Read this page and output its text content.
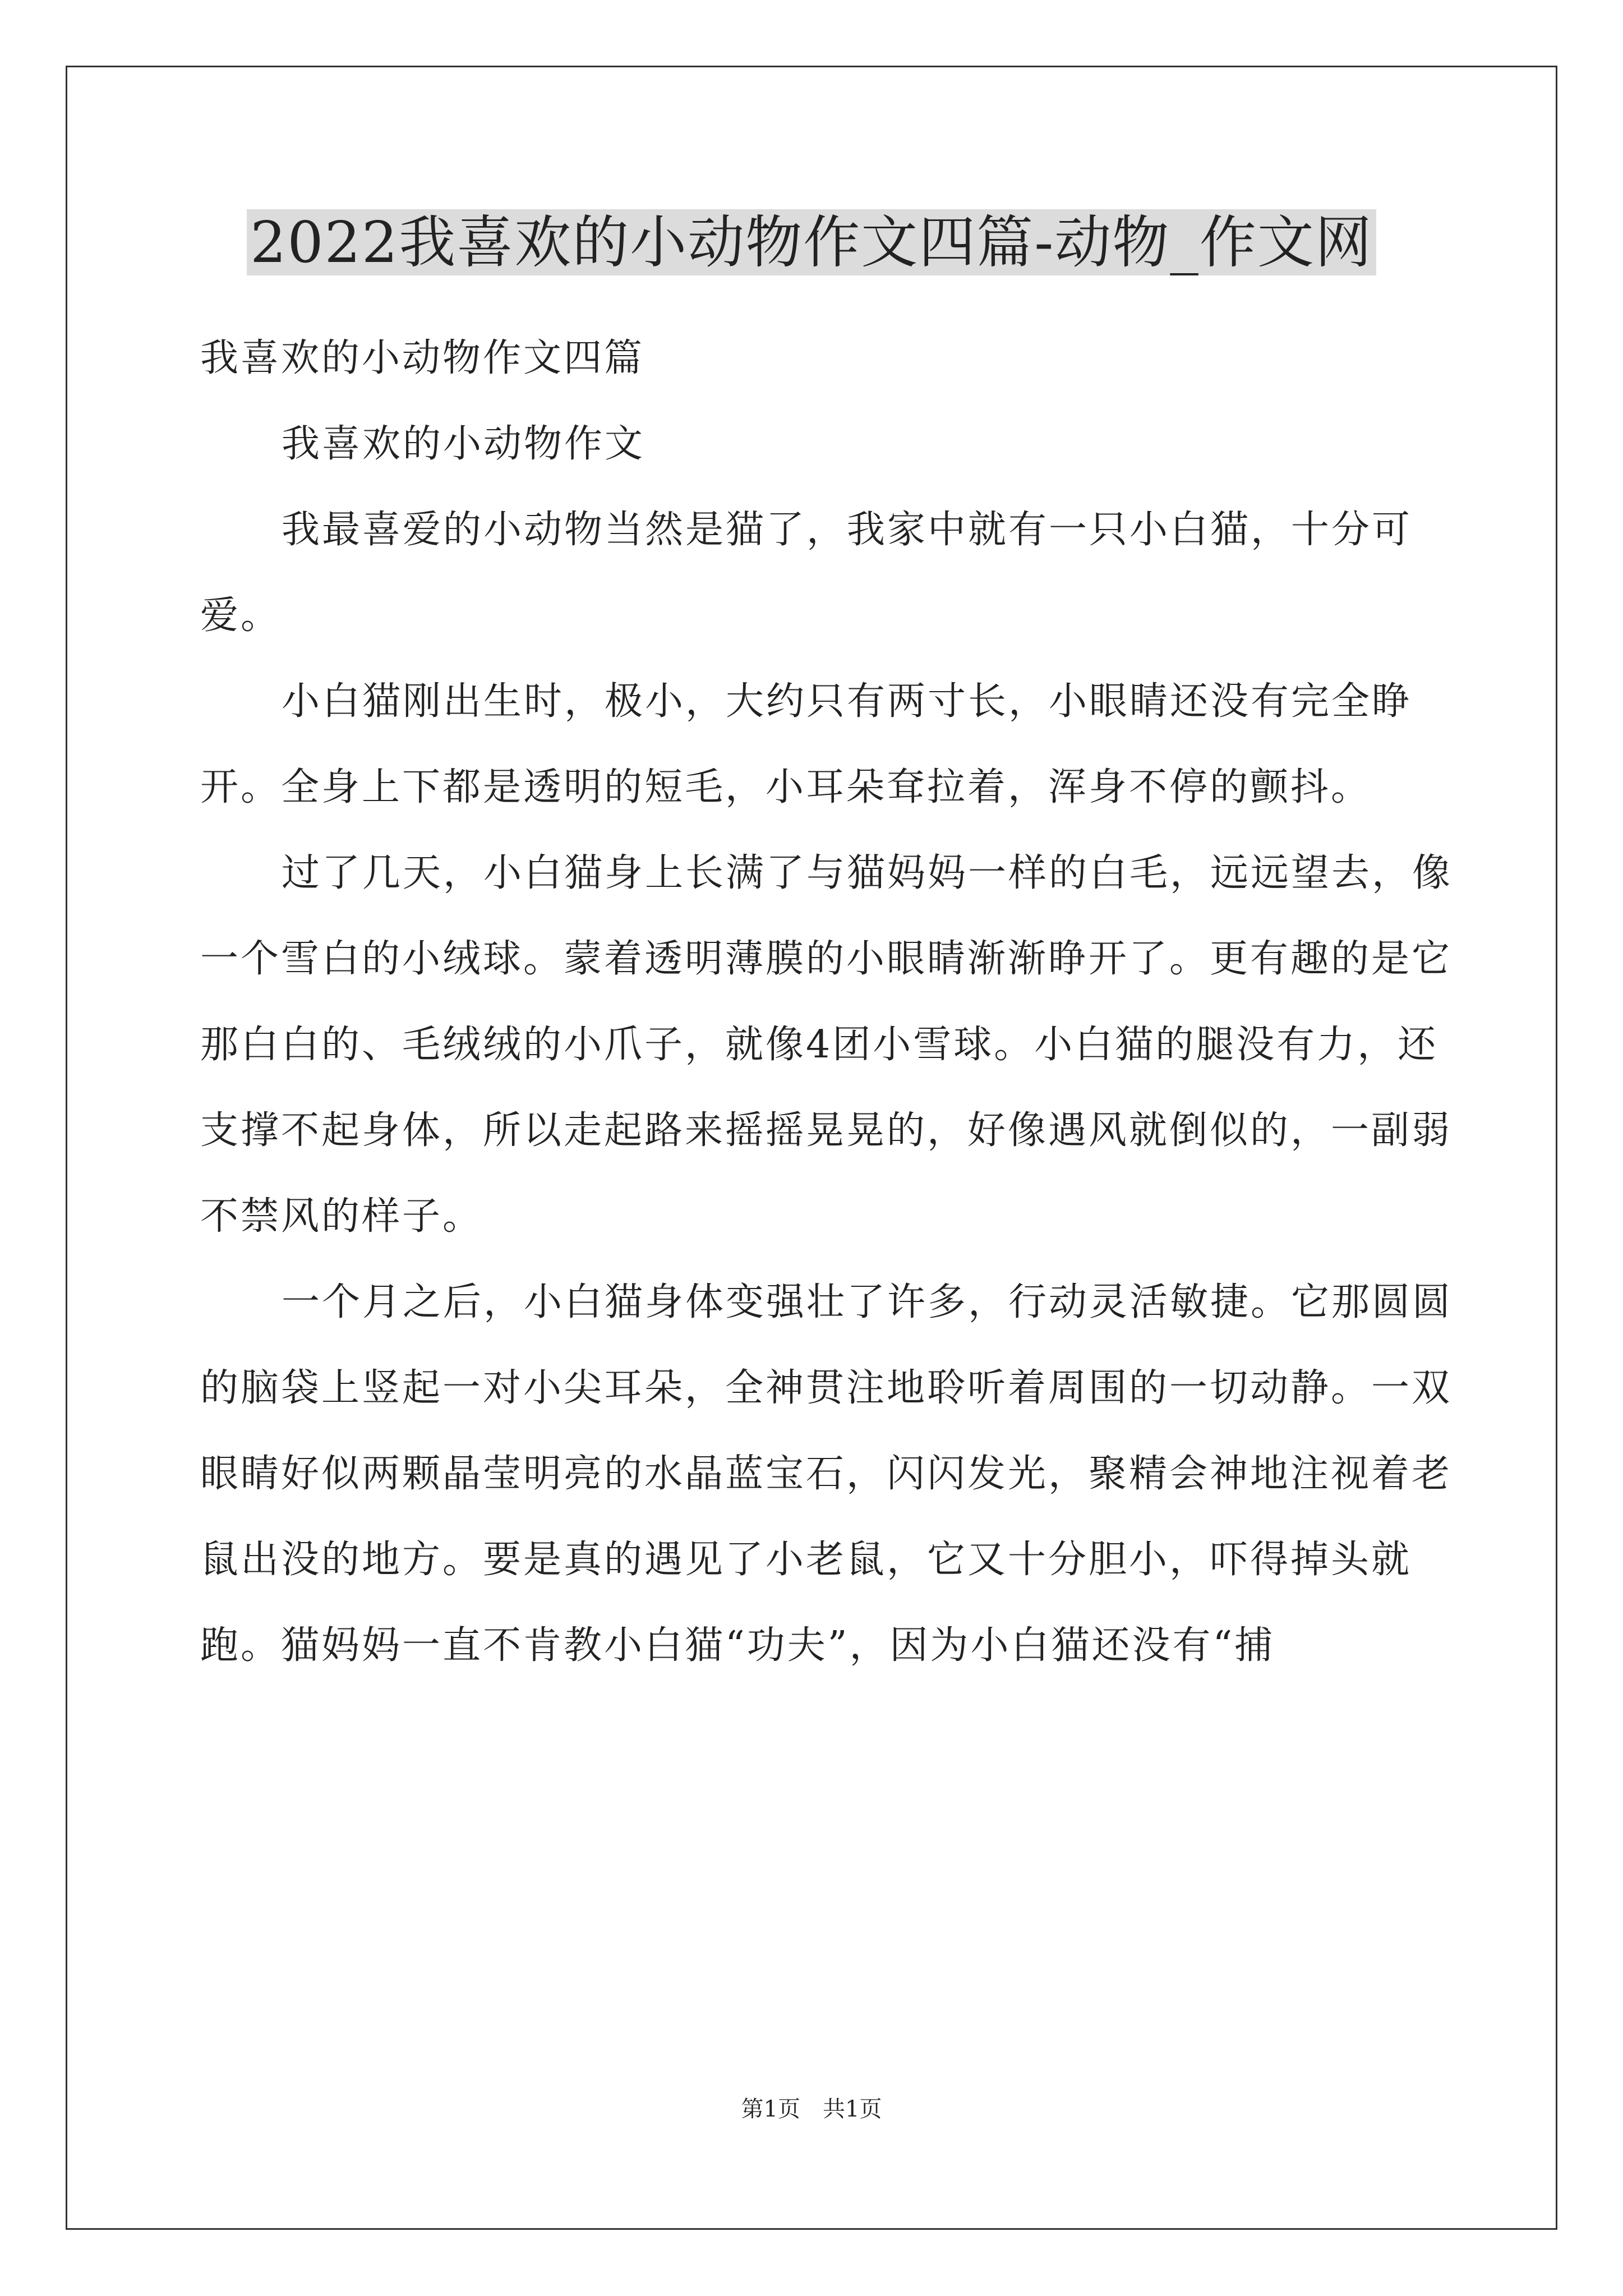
2022我喜欢的小动物作文四篇-动物_作文网

我喜欢的小动物作文四篇

我喜欢的小动物作文

我最喜爱的小动物当然是猫了，我家中就有一只小白猫，十分可爱。

小白猫刚出生时，极小，大约只有两寸长，小眼睛还没有完全睁开。全身上下都是透明的短毛，小耳朵耷拉着，浑身不停的颤抖。

过了几天，小白猫身上长满了与猫妈妈一样的白毛，远远望去，像一个雪白的小绒球。蒙着透明薄膜的小眼睛渐渐睁开了。更有趣的是它那白白的、毛绒绒的小爪子，就像4团小雪球。小白猫的腿没有力，还支撑不起身体，所以走起路来摇摇晃晃的，好像遇风就倒似的，一副弱不禁风的样子。

一个月之后，小白猫身体变强壮了许多，行动灵活敏捷。它那圆圆的脑袋上竖起一对小尖耳朵，全神贯注地聆听着周围的一切动静。一双眼睛好似两颗晶莹明亮的水晶蓝宝石，闪闪发光，聚精会神地注视着老鼠出没的地方。要是真的遇见了小老鼠，它又十分胆小，吓得掉头就跑。猫妈妈一直不肯教小白猫“功夫”，因为小白猫还没有“捕

第1页　共1页
